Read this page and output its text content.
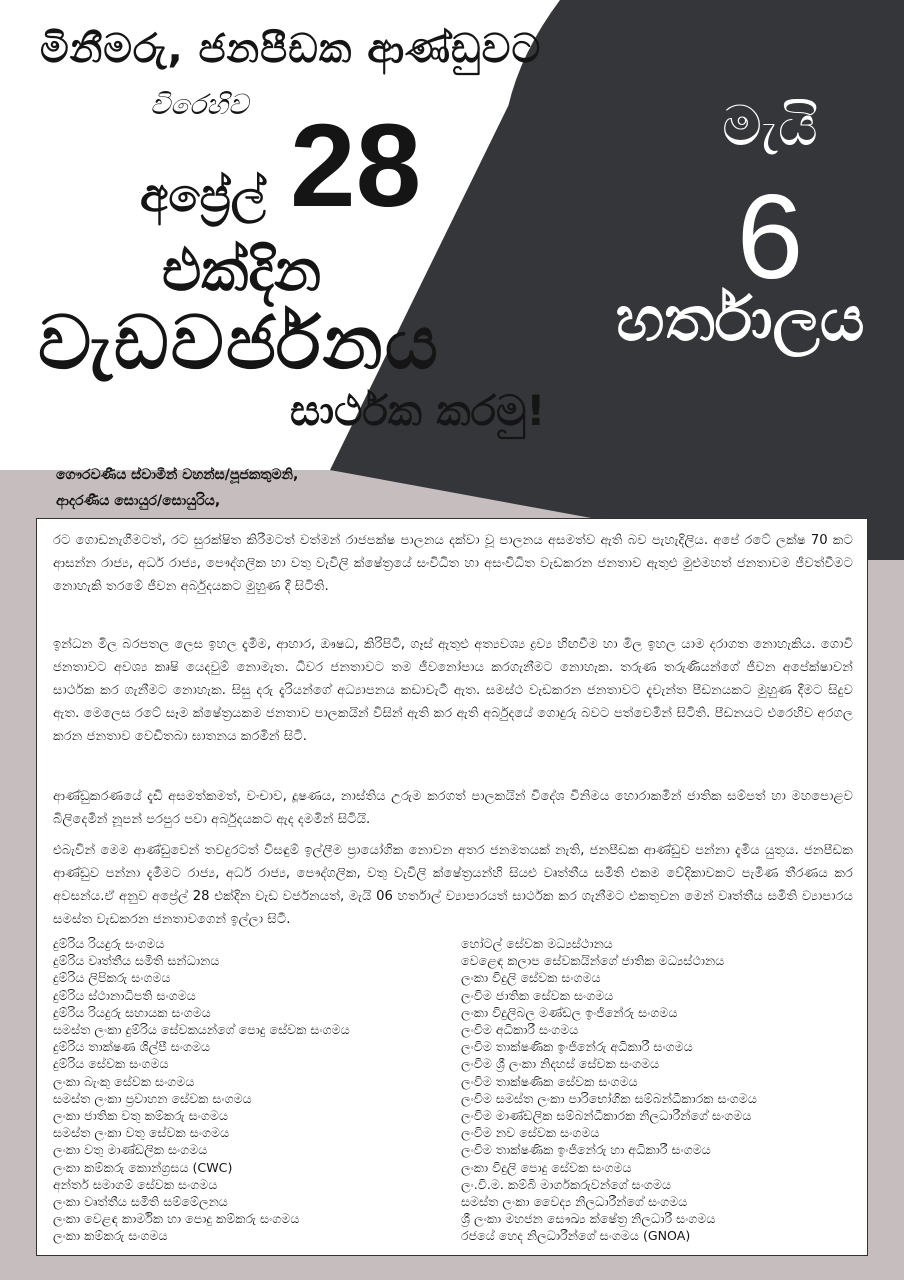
මිනීමරු, ජනපීඩක ආණ්ඩුවට
විරෙහිව
අප්‍රේල් 28
එක්දින
වැඩවර්ජනය
සාර්ථක කරමු!
මැයි
6
හර්තාලය
ගෞරවණීය ස්වාමීන් වහන්ස/පූජකතුමනි,
ආදරණීය සොයුර/සොයුරිය,

රට ගොඩනැගීමටත්, රට සුරක්ෂිත කිරීමටත් වත්මන් රාජපක්ෂ පාලනය දක්වා වූ පාලනය අසමත්ව ඇති බව පැහැදිලිය. අපේ රටේ ලක්ෂ 70 කට ආසන්න රාජ්‍ය, අර්ධ රාජ්‍ය, පෞද්ගලික හා වතු වැවිලි ක්ෂේත්‍රයේ සංවිධිත හා අසංවිධිත වැඩකරන ජනතාව ඇතුළු මුළුමහත් ජනතාවම ජීවත්වීමට නොහැකි තරමේ ජීවන අර්බුදයකට මුහුණ දී සිටිති.

ඉන්ධන මිල බරපතල ලෙස ඉහල දැමීම, ආහාර, ඖෂධ, කිරිපිටි, ගෑස් ඇතුළු අත්‍යවශ්‍ය ද්‍රව්‍ය හිඟවීම හා මිල ඉහල යාම දරාගත නොහැකිය. ගොවි ජනතාවට අවශ්‍ය කෘෂි යෙදවුම් නොමැත. ධීවර ජනතාවට තම ජීවනෝපාය කරගැනීමට නොහැක. තරුණ තරුණියන්ගේ ජීවන අපේක්ෂාවන් සාර්ථක කර ගැනීමට නොහැක. සිසු දරු දැරියන්ගේ අධ්‍යාපනය කඩාවැටී ඇත. සමස්ථ වැඩකරන ජනතාවට දැවැන්ත පීඩනයකට මුහුණ දීමට සිදුව ඇත. මෙලෙස රටේ සෑම ක්ෂේත්‍රයකම ජනතාව පාලකයින් විසින් ඇති කර ඇති අර්බුදයේ ගොදුරු බවට පත්වෙමින් සිටිති. පීඩනයට එරෙහිව අරගල කරන ජනතාව වෙඩිතබා ඝාතනය කරමින් සිටී.

ආණ්ඩුකරණයේ දැඩි අසමත්කමත්, වංචාව, දූෂණය, නාස්තිය උරුම කරගත් පාලකයින් විදේශ විනිමය හොරාකමින් ජාතික සම්පත් හා මහපොළව බිලිදෙමින් නූපන් පරපුර පවා අර්බුදයකට ඇද දමමින් සිටියි.

එබැවින් මෙම ආණ්ඩුවෙන් තවදුරටත් විසඳුම් ඉල්ලීම ප්‍රායෝගික නොවන අතර ජනමතයක් නැති, ජනපීඩක ආණ්ඩුව පන්නා දැමිය යුතුය. ජනපීඩක ආණ්ඩුව පන්නා දැමීමට රාජ්‍ය, අර්ධ රාජ්‍ය, පෞද්ගලික, වතු වැවිලි ක්ෂේත්‍රයන්හි සියළු වෘත්තීය සමිති එකම වේදිකාවකට පැමිණ තීරණය කර අවසන්ය.ඒ අනුව අප්‍රේල් 28 එක්දින වැඩ වර්ජනයත්, මැයි 06 හර්තාල් ව්‍යාපාරයත් සාර්ථක කර ගැනීමට එකතුවන මෙන් වෘත්තීය සමිති ව්‍යාපාරය සමස්ත වැඩකරන ජනතාවගෙන් ඉල්ලා සිටී.

දුම්රිය රියදුරු සංගමය
දුම්රිය වෘත්තීය සමිති සන්ධානය
දුම්රිය ලිපිකරු සංගමය
දුම්රිය ස්ථානාධිපති සංගමය
දුම්රිය රියදුරු සහායක සංගමය
සමස්ත ලංකා දුම්රිය සේවකයන්ගේ පොදු සේවක සංගමය
දුම්රිය තාක්ෂණ ශිල්පී සංගමය
දුම්රිය සේවක සංගමය
ලංකා බැංකු සේවක සංගමය
සමස්ත ලංකා ප්‍රවාහන සේවක සංගමය
ලංකා ජාතික වතු කම්කරු සංගමය
සමස්ත ලංකා වතු සේවක සංගමය
ලංකා වතු මාණ්ඩලික සංගමය
ලංකා කම්කරු කොන්ග්‍රසය (CWC)
අන්තර් සමාගම් සේවක සංගමය
ලංකා වෘත්තීය සමිති සම්මේලනය
ලංකා වෙළඳ කාර්මික හා පොදු කම්කරු සංගමය
ලංකා කම්කරු සංගමය
හෝටල් සේවක මධ්‍යස්ථානය
වෙළෙඳ කලාප සේවකයින්ගේ ජාතික මධ්‍යස්ථානය
ලංකා විදුලි සේවක සංගමය
ලංවිම ජාතික සේවක සංගමය
ලංකා විදුලිබල මණ්ඩල ඉංජිනේරු සංගමය
ලංවිම අධිකාරී සංගමය
ලංවිම තාක්ෂණික ඉංජිනේරු අධිකාරී සංගමය
ලංවිම ශ්‍රී ලංකා නිදහස් සේවක සංගමය
ලංවිම තාක්ෂණික සේවක සංගමය
ලංවිම සමස්ත ලංකා පාරිභෝගික සම්බන්ධීකාරක සංගමය
ලංවිම මාණ්ඩලික සම්බන්ධීකාරක නිලධාරීන්ගේ සංගමය
ලංවිම නව සේවක සංගමය
ලංවිම තාක්ෂණික ඉංජිනේරු හා අධිකාරී සංගමය
ලංකා විදුලි පොදු සේවක සංගමය
ලං.වි.ම. කම්බි මාර්ගකරුවන්ගේ සංගමය
සමස්ත ලංකා වෛද්‍ය නිලධාරීන්ගේ සංගමය
ශ්‍රී ලංකා මහජන සෞඛ්‍ය ක්ෂේත්‍ර නිලධාරී සංගමය
රජයේ හෙද නිලධාරීන්ගේ සංගමය (GNOA)
